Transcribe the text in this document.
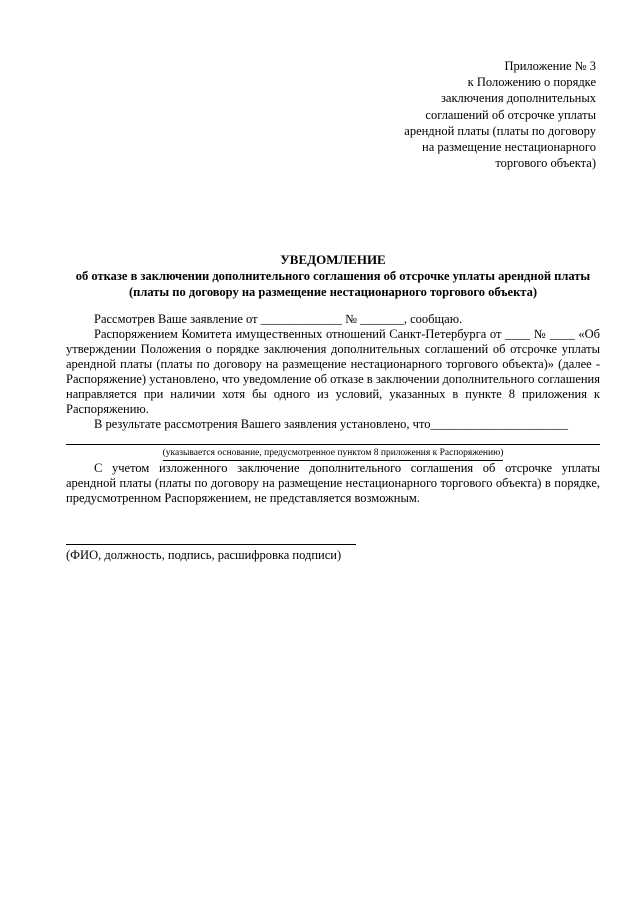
Приложение № 3
к Положению о порядке
заключения дополнительных
соглашений об отсрочке уплаты
арендной платы (платы по договору
на размещение нестационарного
торгового объекта)
УВЕДОМЛЕНИЕ
об отказе в заключении дополнительного соглашения об отсрочке уплаты арендной платы (платы по договору на размещение нестационарного торгового объекта)

Рассмотрев Ваше заявление от _____________ № _______, сообщаю.

Распоряжением Комитета имущественных отношений Санкт-Петербурга от ____ № ____ «Об утверждении Положения о порядке заключения дополнительных соглашений об отсрочке уплаты арендной платы (платы по договору на размещение нестационарного торгового объекта)» (далее - Распоряжение) установлено, что уведомление об отказе в заключении дополнительного соглашения направляется при наличии хотя бы одного из условий, указанных в пункте 8 приложения к Распоряжению.

В результате рассмотрения Вашего заявления установлено, что______________________

(указывается основание, предусмотренное пунктом 8 приложения к Распоряжению)

С учетом изложенного заключение дополнительного соглашения об отсрочке уплаты арендной платы (платы по договору на размещение нестационарного торгового объекта) в порядке, предусмотренном Распоряжением, не представляется возможным.

(ФИО, должность, подпись, расшифровка подписи)
